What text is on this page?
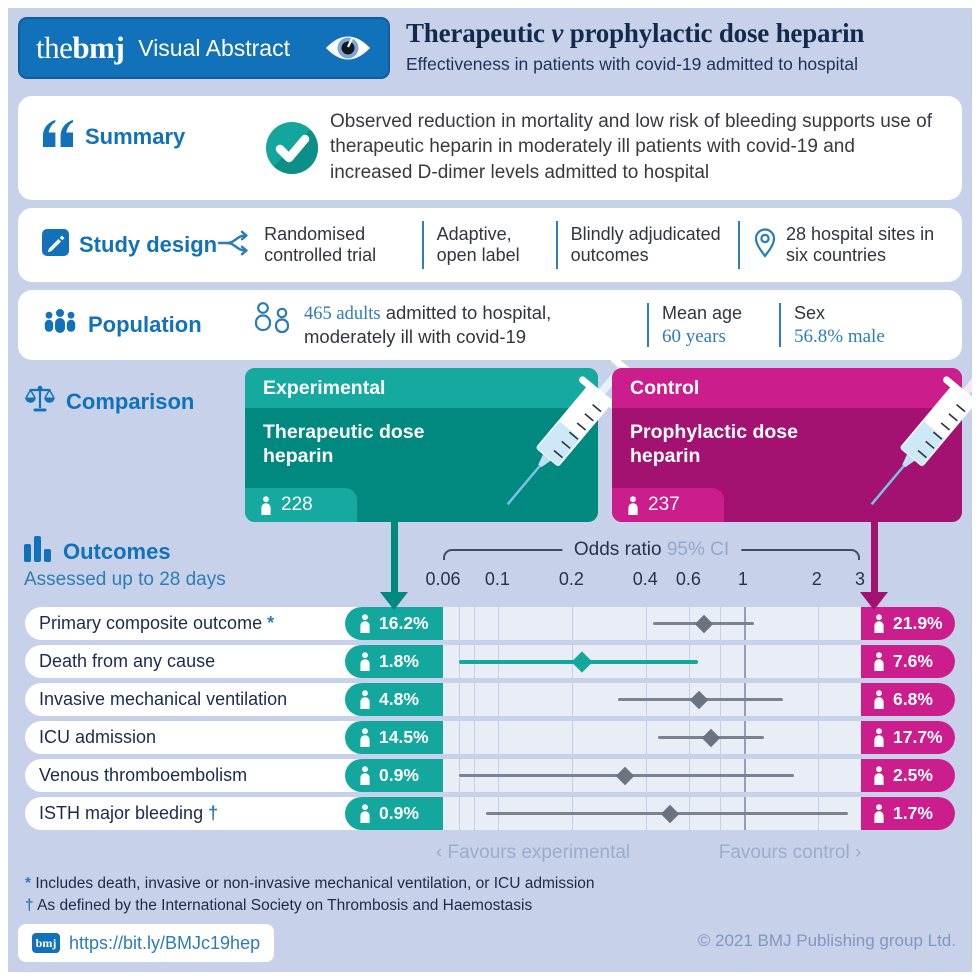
the bmj Visual Abstract	Therapeutic v prophylactic dose heparin

Effectiveness in patients with covid-19 admitted to hospital

Summary
Observed reduction in mortality and low risk of bleeding supports use of therapeutic heparin in moderately ill patients with covid-19 and increased D-dimer levels admitted to hospital
Study design	Randomised controlled trial
Adaptive, open label
Blindly adjudicated outcomes
28 hospital sites in six countries
Population	465 adults admitted to hospital, moderately ill with covid-19
Mean age
60 years
Sex
56.8% male
Comparison
Experimental
Therapeutic dose heparin
228
Control
Prophylactic dose heparin
237
Outcomes
Assessed up to 28 days
Odds ratio 95% CI
0.06 0.1	0.2	0.4 0.6 1	2 3
Primary composite outcome *	16.2%	21.9%
Death from any cause	1.8%	7.6%
Invasive mechanical ventilation	4.8%	6.8%
ICU admission	14.5%	17.7%
Venous thromboembolism	0.9%	2.5%
ISTH major bleeding †	0.9%	1.7%
‹ Favours experimental	Favours control ›
* Includes death, invasive or non-invasive mechanical ventilation, or ICU admission
† As defined by the International Society on Thrombosis and Haemostasis
bmj https://bit.ly/BMJc19hep	© 2021 BMJ Publishing group Ltd.
